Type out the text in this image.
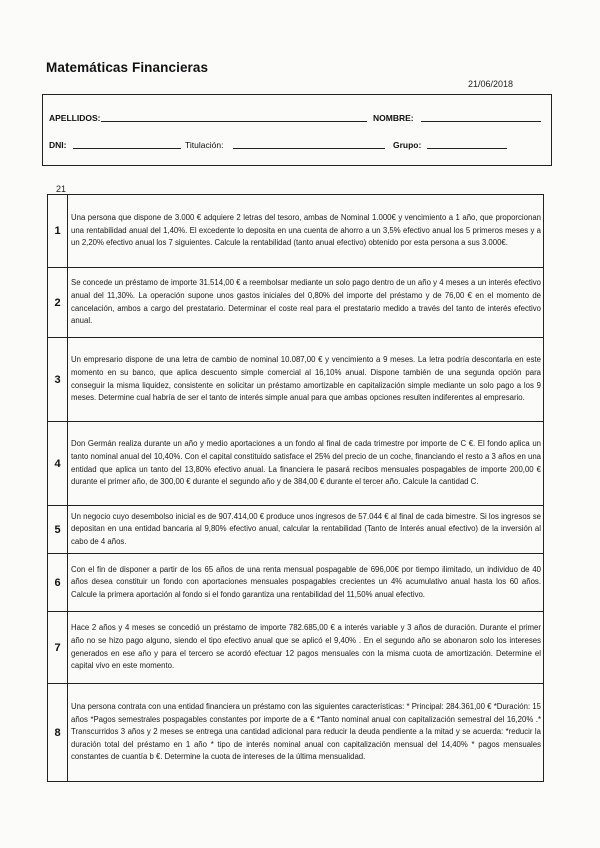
Matemáticas Financieras
21/06/2018
APELLIDOS:	NOMBRE:
DNI:	Titulación:	Grupo:
21
1	Una persona que dispone de 3.000 € adquiere 2 letras del tesoro, ambas de Nominal 1.000€ y vencimiento a 1 año, que proporcionan una rentabilidad anual del 1,40%. El excedente lo deposita en una cuenta de ahorro a un 3,5% efectivo anual los 5 primeros meses y a un 2,20% efectivo anual los 7 siguientes. Calcule la rentabilidad (tanto anual efectivo) obtenido por esta persona a sus 3.000€.
2	Se concede un préstamo de importe 31.514,00 € a reembolsar mediante un solo pago dentro de un año y 4 meses a un interés efectivo anual del 11,30%. La operación supone unos gastos iniciales del 0,80% del importe del préstamo y de 76,00 € en el momento de cancelación, ambos a cargo del prestatario. Determinar el coste real para el prestatario medido a través del tanto de interés efectivo anual.
3	Un empresario dispone de una letra de cambio de nominal 10.087,00 € y vencimiento a 9 meses. La letra podría descontarla en este momento en su banco, que aplica descuento simple comercial al 16,10% anual. Dispone también de una segunda opción para conseguir la misma liquidez, consistente en solicitar un préstamo amortizable en capitalización simple mediante un solo pago a los 9 meses. Determine cual habría de ser el tanto de interés simple anual para que ambas opciones resulten indiferentes al empresario.
4	Don Germán realiza durante un año y medio aportaciones a un fondo al final de cada trimestre por importe de C €. El fondo aplica un tanto nominal anual del 10,40%. Con el capital constituido satisface el 25% del precio de un coche, financiando el resto a 3 años en una entidad que aplica un tanto del 13,80% efectivo anual. La financiera le pasará recibos mensuales pospagables de importe 200,00 € durante el primer año, de 300,00 € durante el segundo año y de 384,00 € durante el tercer año. Calcule la cantidad C.
5	Un negocio cuyo desembolso inicial es de 907.414,00 € produce unos ingresos de 57.044 € al final de cada bimestre. Si los ingresos se depositan en una entidad bancaria al 9,80% efectivo anual, calcular la rentabilidad (Tanto de Interés anual efectivo) de la inversión al cabo de 4 años.
6	Con el fin de disponer a partir de los 65 años de una renta mensual pospagable de 696,00€ por tiempo ilimitado, un individuo de 40 años desea constituir un fondo con aportaciones mensuales pospagables crecientes un 4% acumulativo anual hasta los 60 años. Calcule la primera aportación al fondo si el fondo garantiza una rentabilidad del 11,50% anual efectivo.
7	Hace 2 años y 4 meses se concedió un préstamo de importe 782.685,00 € a interés variable y 3 años de duración. Durante el primer año no se hizo pago alguno, siendo el tipo efectivo anual que se aplicó el 9,40% . En el segundo año se abonaron solo los intereses generados en ese año y para el tercero se acordó efectuar 12 pagos mensuales con la misma cuota de amortización. Determine el capital vivo en este momento.
8	Una persona contrata con una entidad financiera un préstamo con las siguientes características: * Principal: 284.361,00 € *Duración: 15 años *Pagos semestrales pospagables constantes por importe de a € *Tanto nominal anual con capitalización semestral del 16,20% .* Transcurridos 3 años y 2 meses se entrega una cantidad adicional para reducir la deuda pendiente a la mitad y se acuerda: *reducir la duración total del préstamo en 1 año * tipo de interés nominal anual con capitalización mensual del 14,40% * pagos mensuales constantes de cuantía b €. Determine la cuota de intereses de la última mensualidad.
